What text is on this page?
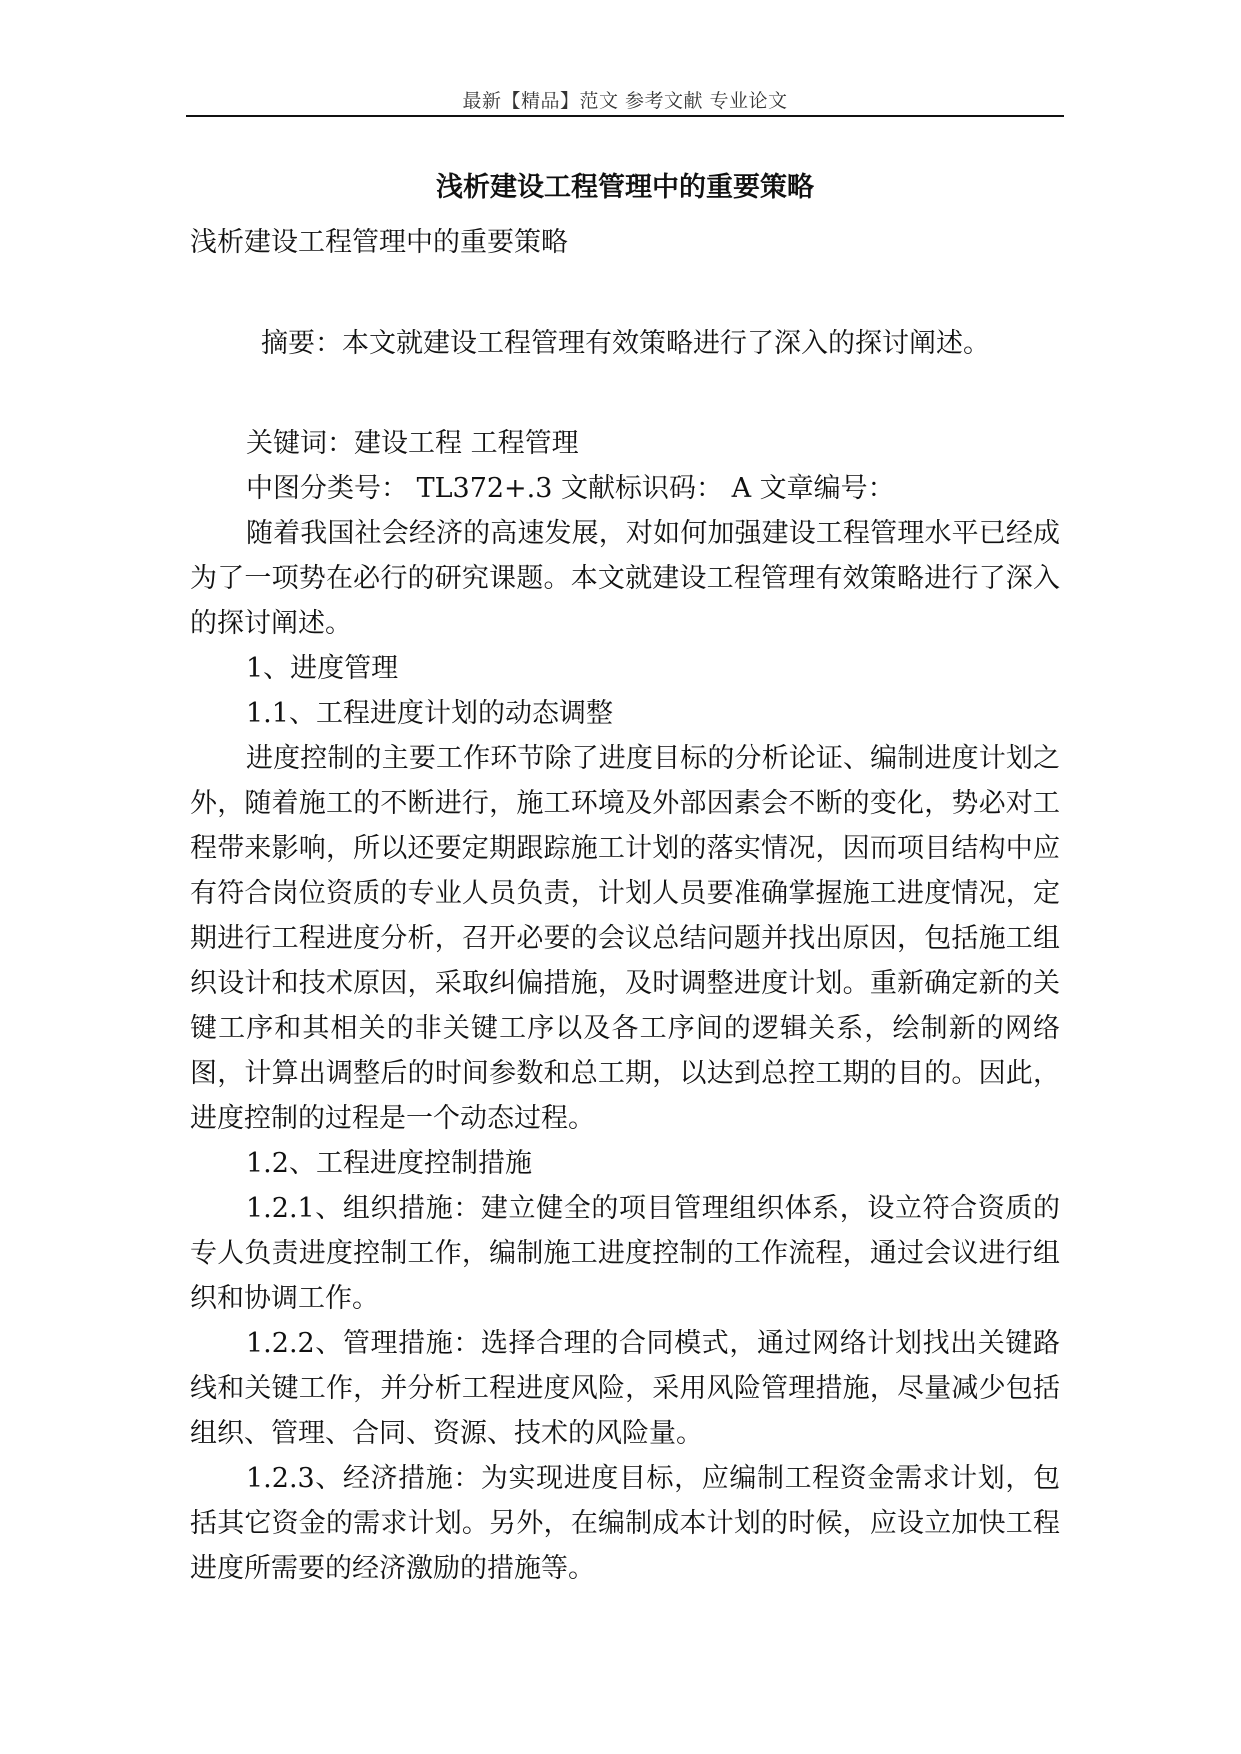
最新【精品】范文 参考文献 专业论文
浅析建设工程管理中的重要策略

浅析建设工程管理中的重要策略

摘要：本文就建设工程管理有效策略进行了深入的探讨阐述。

关键词：建设工程 工程管理

中图分类号： TL372+.3 文献标识码： A 文章编号：

随着我国社会经济的高速发展，对如何加强建设工程管理水平已经成为了一项势在必行的研究课题。本文就建设工程管理有效策略进行了深入的探讨阐述。

1、进度管理

1.1、工程进度计划的动态调整

进度控制的主要工作环节除了进度目标的分析论证、编制进度计划之外，随着施工的不断进行，施工环境及外部因素会不断的变化，势必对工程带来影响，所以还要定期跟踪施工计划的落实情况，因而项目结构中应有符合岗位资质的专业人员负责，计划人员要准确掌握施工进度情况，定期进行工程进度分析，召开必要的会议总结问题并找出原因，包括施工组织设计和技术原因，采取纠偏措施，及时调整进度计划。重新确定新的关键工序和其相关的非关键工序以及各工序间的逻辑关系，绘制新的网络图，计算出调整后的时间参数和总工期，以达到总控工期的目的。因此，进度控制的过程是一个动态过程。

1.2、工程进度控制措施

1.2.1、组织措施：建立健全的项目管理组织体系，设立符合资质的专人负责进度控制工作，编制施工进度控制的工作流程，通过会议进行组织和协调工作。

1.2.2、管理措施：选择合理的合同模式，通过网络计划找出关键路线和关键工作，并分析工程进度风险，采用风险管理措施，尽量减少包括组织、管理、合同、资源、技术的风险量。

1.2.3、经济措施：为实现进度目标，应编制工程资金需求计划，包括其它资金的需求计划。另外，在编制成本计划的时候，应设立加快工程进度所需要的经济激励的措施等。
